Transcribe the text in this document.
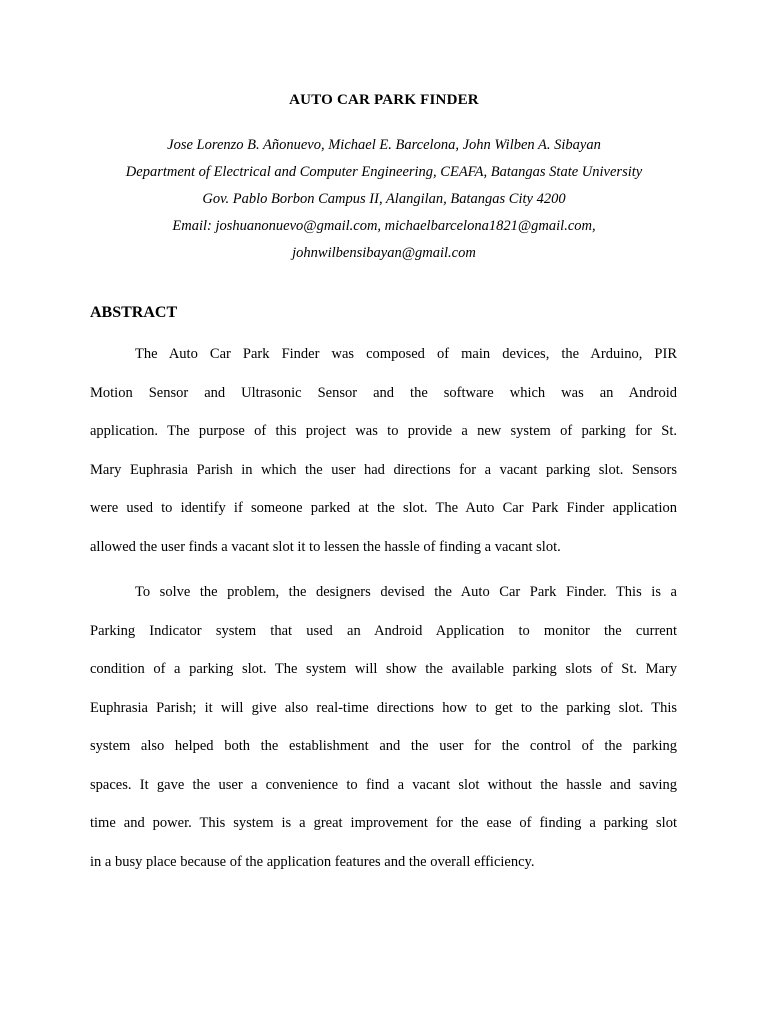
AUTO CAR PARK FINDER
Jose Lorenzo B. Añonuevo, Michael E. Barcelona, John Wilben A. Sibayan
Department of Electrical and Computer Engineering, CEAFA, Batangas State University
Gov. Pablo Borbon Campus II, Alangilan, Batangas City 4200
Email: joshuanonuevo@gmail.com, michaelbarcelona1821@gmail.com,
johnwilbensibayan@gmail.com
ABSTRACT
The Auto Car Park Finder was composed of main devices, the Arduino, PIR
Motion Sensor and Ultrasonic Sensor and the software which was an Android
application. The purpose of this project was to provide a new system of parking for St.
Mary Euphrasia Parish in which the user had directions for a vacant parking slot. Sensors
were used to identify if someone parked at the slot. The Auto Car Park Finder application
allowed the user finds a vacant slot it to lessen the hassle of finding a vacant slot.
To solve the problem, the designers devised the Auto Car Park Finder. This is a
Parking Indicator system that used an Android Application to monitor the current
condition of a parking slot. The system will show the available parking slots of St. Mary
Euphrasia Parish; it will give also real-time directions how to get to the parking slot. This
system also helped both the establishment and the user for the control of the parking
spaces. It gave the user a convenience to find a vacant slot without the hassle and saving
time and power. This system is a great improvement for the ease of finding a parking slot
in a busy place because of the application features and the overall efficiency.
